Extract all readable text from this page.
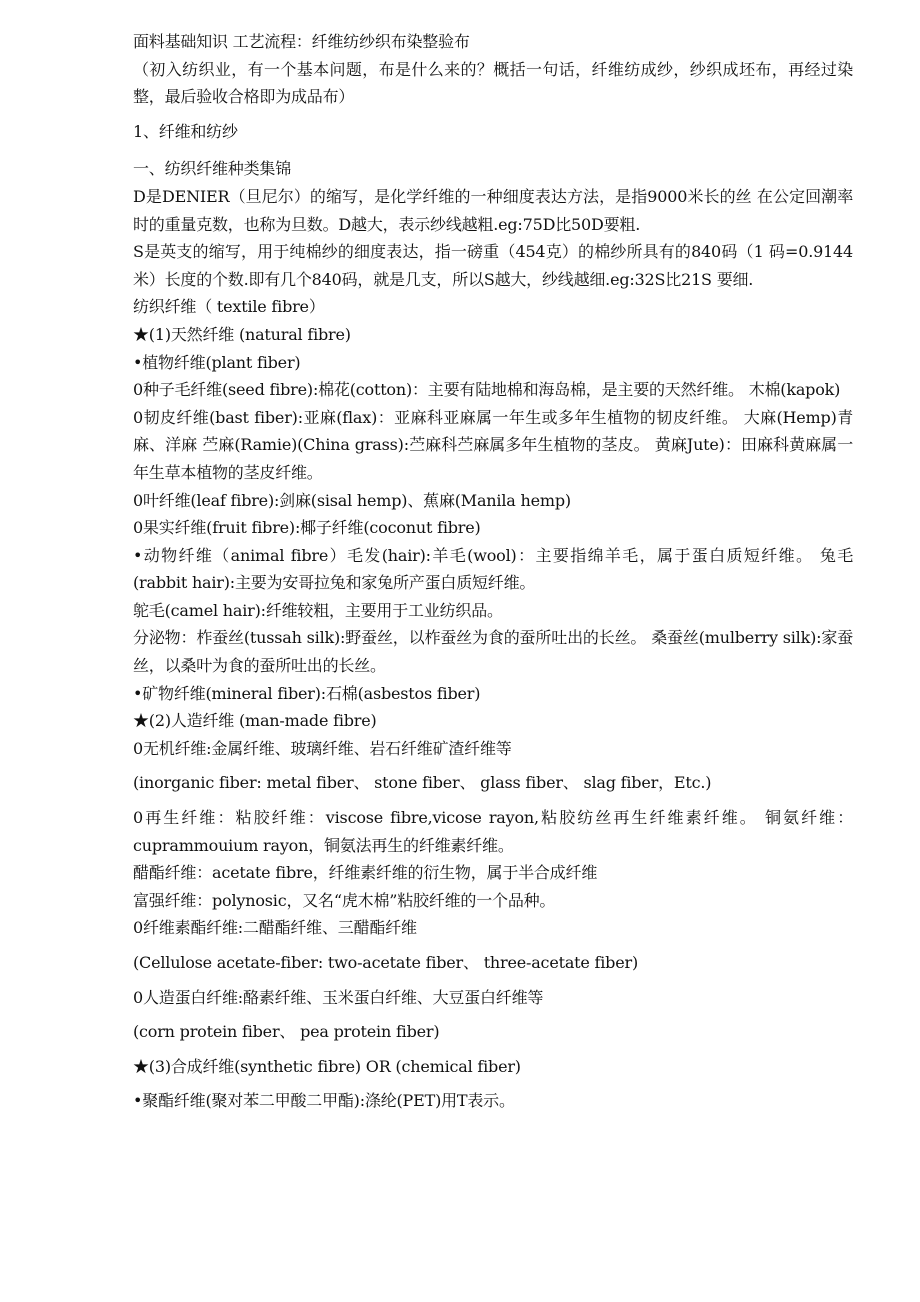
面料基础知识 工艺流程：纤维纺纱织布染整验布

（初入纺织业，有一个基本问题，布是什么来的？概括一句话，纤维纺成纱，纱织成坯布，再经过染整，最后验收合格即为成品布）

1、纤维和纺纱

一、纺织纤维种类集锦

D是DENIER（旦尼尔）的缩写，是化学纤维的一种细度表达方法，是指9000米长的丝 在公定回潮率时的重量克数，也称为旦数。D越大，表示纱线越粗.eg:75D比50D要粗.

S是英支的缩写，用于纯棉纱的细度表达，指一磅重（454克）的棉纱所具有的840码（1 码=0.9144米）长度的个数.即有几个840码，就是几支，所以S越大，纱线越细.eg:32S比21S 要细.

纺织纤维（ textile fibre）

★(1)天然纤维 (natural fibre)

•植物纤维(plant fiber)

0种子毛纤维(seed fibre):棉花(cotton)：主要有陆地棉和海岛棉，是主要的天然纤维。 木棉(kapok)

0韧皮纤维(bast fiber):亚麻(flax)：亚麻科亚麻属一年生或多年生植物的韧皮纤维。 大麻(Hemp)青麻、洋麻 苎麻(Ramie)(China grass):苎麻科苎麻属多年生植物的茎皮。 黄麻Jute)：田麻科黄麻属一年生草本植物的茎皮纤维。

0叶纤维(leaf fibre):剑麻(sisal hemp)、蕉麻(Manila hemp)

0果实纤维(fruit fibre):椰子纤维(coconut fibre)

•动物纤维（animal fibre）毛发(hair):羊毛(wool)：主要指绵羊毛，属于蛋白质短纤维。 兔毛(rabbit hair):主要为安哥拉兔和家兔所产蛋白质短纤维。

鸵毛(camel hair):纤维较粗，主要用于工业纺织品。

分泌物：柞蚕丝(tussah silk):野蚕丝，以柞蚕丝为食的蚕所吐出的长丝。 桑蚕丝(mulberry silk):家蚕丝，以桑叶为食的蚕所吐出的长丝。

•矿物纤维(mineral fiber):石棉(asbestos fiber)

★(2)人造纤维 (man-made fibre)

0无机纤维:金属纤维、玻璃纤维、岩石纤维矿渣纤维等

(inorganic fiber: metal fiber、 stone fiber、 glass fiber、 slag fiber，Etc.)

0再生纤维：粘胶纤维：viscose fibre,vicose rayon,粘胶纺丝再生纤维素纤维。 铜氨纤维：cuprammouium rayon，铜氨法再生的纤维素纤维。

醋酯纤维：acetate fibre，纤维素纤维的衍生物，属于半合成纤维

富强纤维：polynosic，又名“虎木棉”粘胶纤维的一个品种。

0纤维素酯纤维:二醋酯纤维、三醋酯纤维

(Cellulose acetate-fiber: two-acetate fiber、 three-acetate fiber)

0人造蛋白纤维:酪素纤维、玉米蛋白纤维、大豆蛋白纤维等

(corn protein fiber、 pea protein fiber)

★(3)合成纤维(synthetic fibre) OR (chemical fiber)

•聚酯纤维(聚对苯二甲酸二甲酯):涤纶(PET)用T表示。
